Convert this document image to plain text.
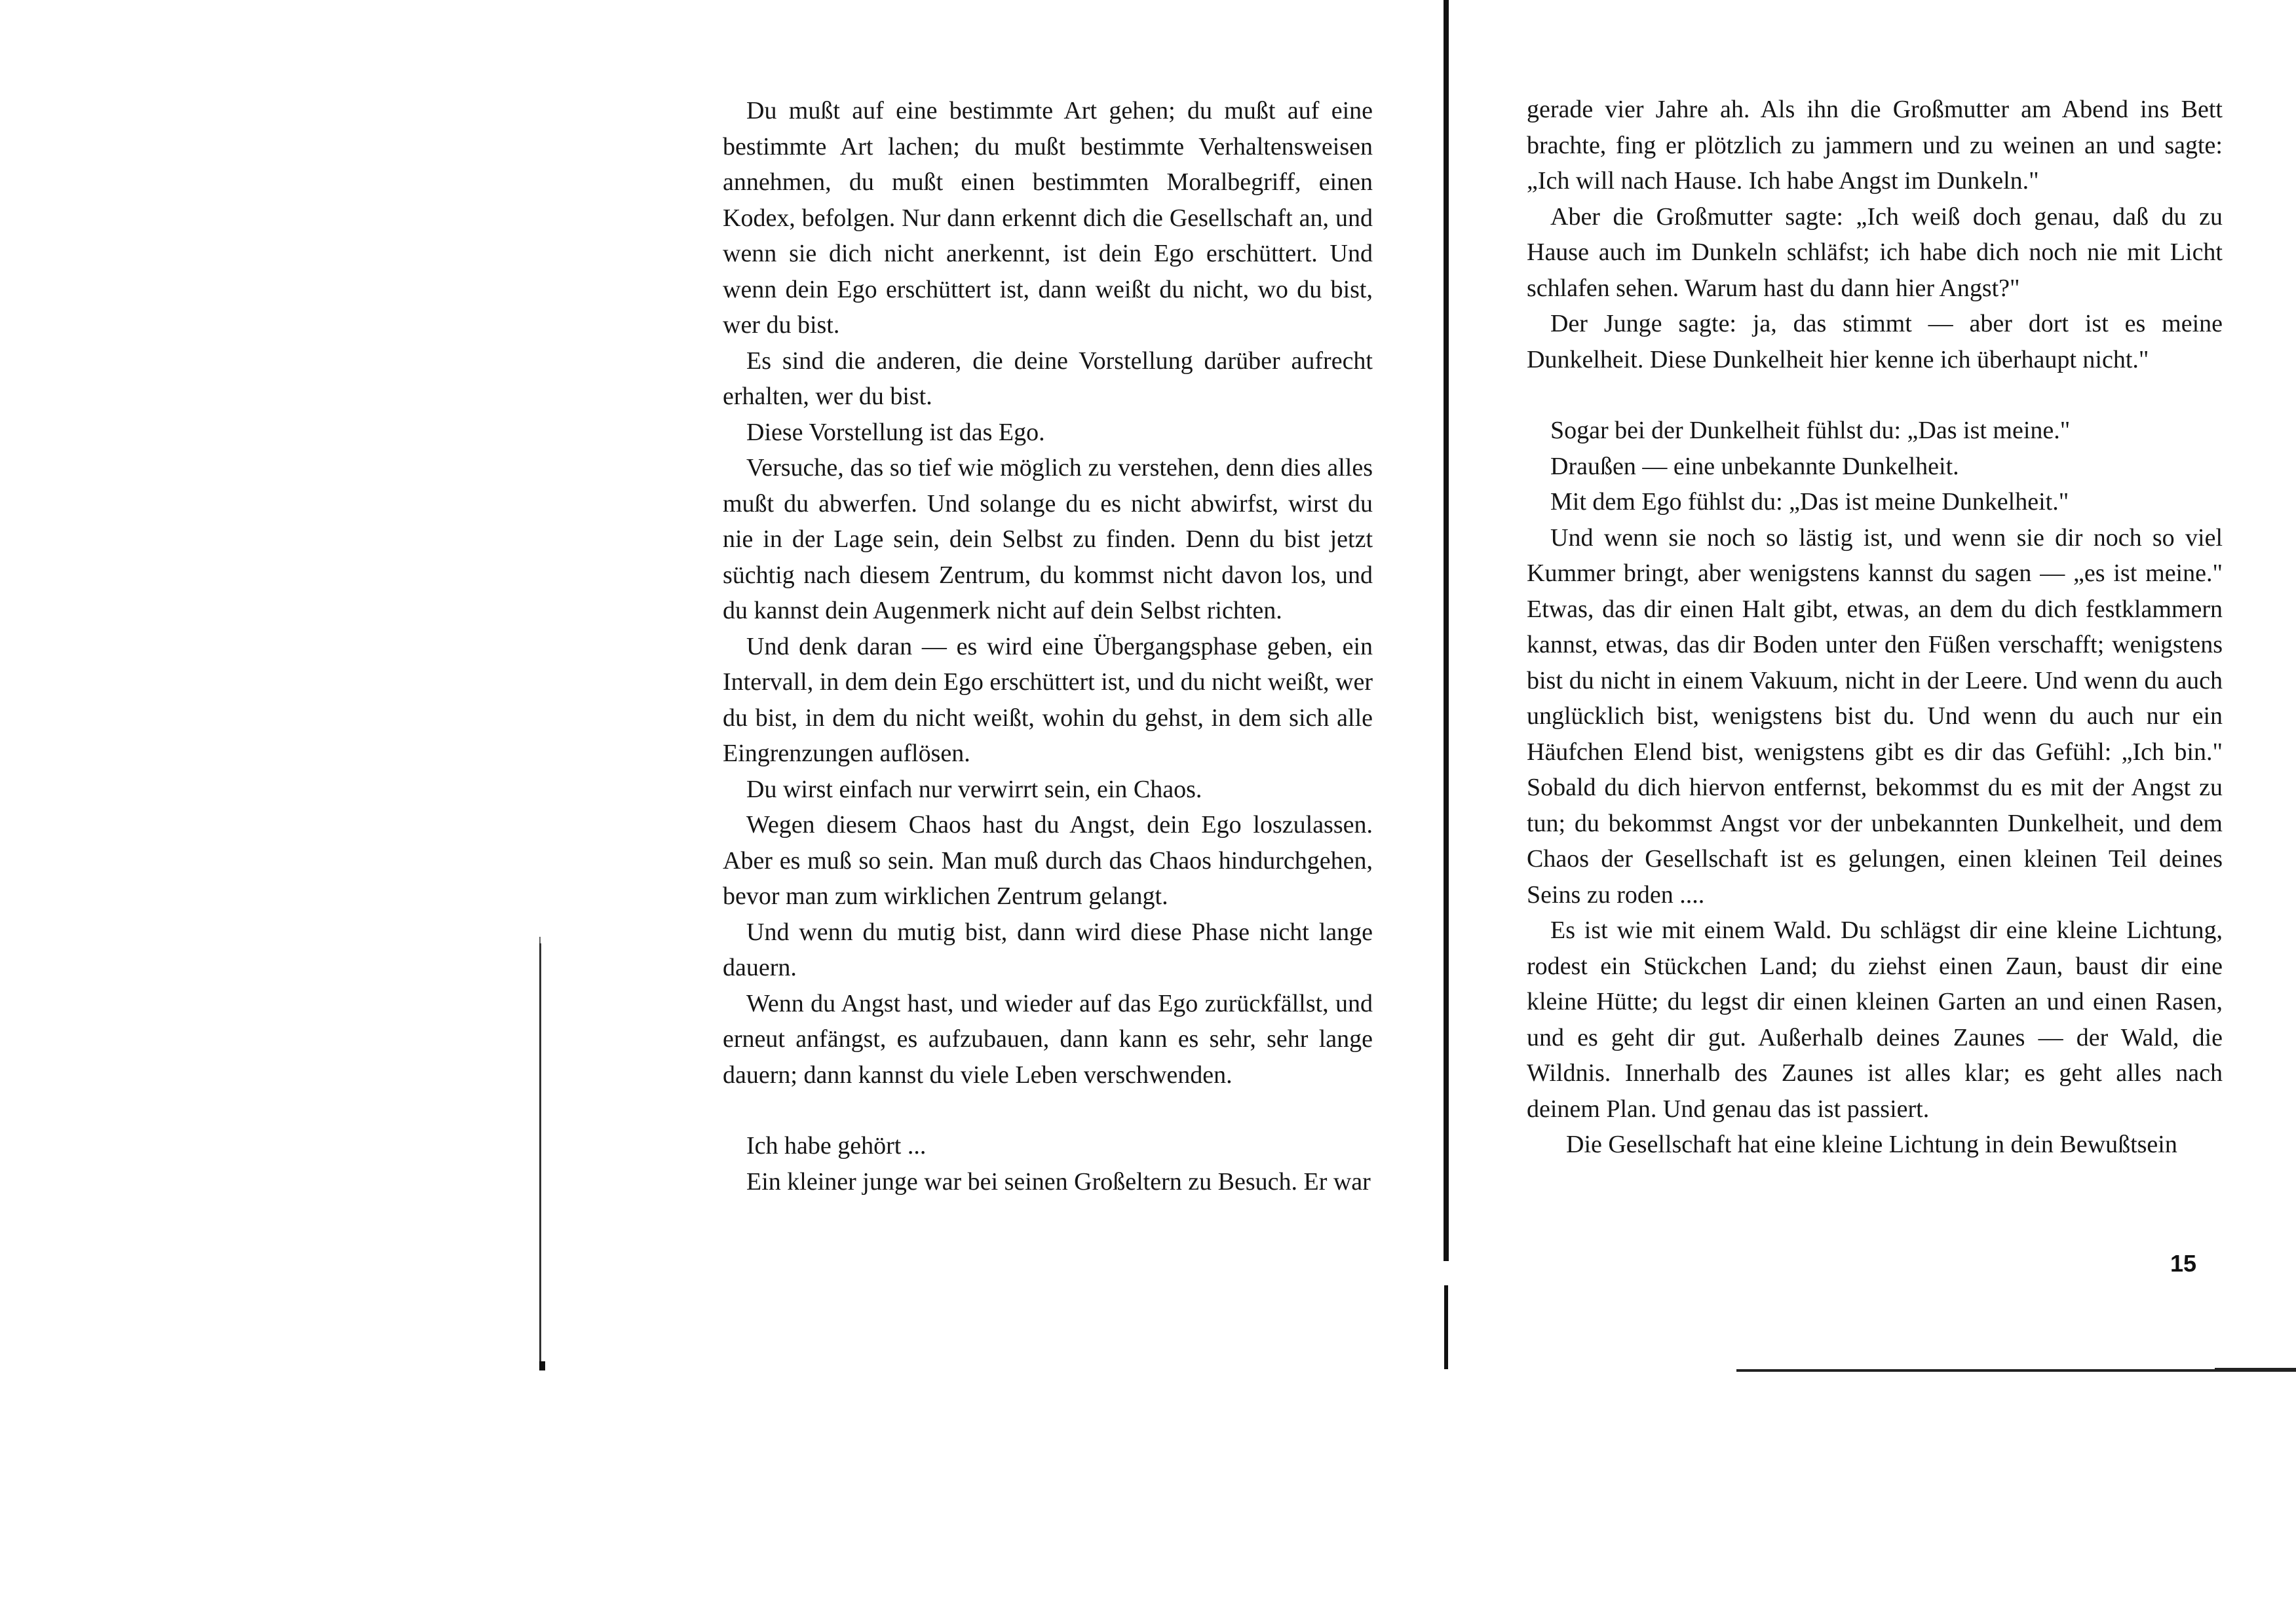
Du mußt auf eine bestimmte Art gehen; du mußt auf eine bestimmte Art lachen; du mußt bestimmte Verhaltensweisen annehmen, du mußt einen bestimmten Moralbegriff, einen Kodex, befolgen. Nur dann erkennt dich die Gesellschaft an, und wenn sie dich nicht anerkennt, ist dein Ego erschüttert. Und wenn dein Ego erschüttert ist, dann weißt du nicht, wo du bist, wer du bist.

Es sind die anderen, die deine Vorstellung darüber aufrecht erhalten, wer du bist.

Diese Vorstellung ist das Ego.

Versuche, das so tief wie möglich zu verstehen, denn dies alles mußt du abwerfen. Und solange du es nicht abwirfst, wirst du nie in der Lage sein, dein Selbst zu finden. Denn du bist jetzt süchtig nach diesem Zentrum, du kommst nicht davon los, und du kannst dein Augenmerk nicht auf dein Selbst richten.

Und denk daran — es wird eine Übergangsphase geben, ein Intervall, in dem dein Ego erschüttert ist, und du nicht weißt, wer du bist, in dem du nicht weißt, wohin du gehst, in dem sich alle Eingrenzungen auflösen.

Du wirst einfach nur verwirrt sein, ein Chaos.

Wegen diesem Chaos hast du Angst, dein Ego loszulassen. Aber es muß so sein. Man muß durch das Chaos hindurchgehen, bevor man zum wirklichen Zentrum gelangt.

Und wenn du mutig bist, dann wird diese Phase nicht lange dauern.

Wenn du Angst hast, und wieder auf das Ego zurückfällst, und erneut anfängst, es aufzubauen, dann kann es sehr, sehr lange dauern; dann kannst du viele Leben verschwenden.

Ich habe gehört ...

Ein kleiner junge war bei seinen Großeltern zu Besuch. Er war

gerade vier Jahre ah. Als ihn die Großmutter am Abend ins Bett brachte, fing er plötzlich zu jammern und zu weinen an und sagte: „Ich will nach Hause. Ich habe Angst im Dunkeln."

Aber die Großmutter sagte: „Ich weiß doch genau, daß du zu Hause auch im Dunkeln schläfst; ich habe dich noch nie mit Licht schlafen sehen. Warum hast du dann hier Angst?"

Der Junge sagte: ja, das stimmt — aber dort ist es meine Dunkelheit. Diese Dunkelheit hier kenne ich überhaupt nicht."

Sogar bei der Dunkelheit fühlst du: „Das ist meine."

Draußen — eine unbekannte Dunkelheit.

Mit dem Ego fühlst du: „Das ist meine Dunkelheit."

Und wenn sie noch so lästig ist, und wenn sie dir noch so viel Kummer bringt, aber wenigstens kannst du sagen — „es ist meine." Etwas, das dir einen Halt gibt, etwas, an dem du dich festklammern kannst, etwas, das dir Boden unter den Füßen verschafft; wenigstens bist du nicht in einem Vakuum, nicht in der Leere. Und wenn du auch unglücklich bist, wenigstens bist du. Und wenn du auch nur ein Häufchen Elend bist, wenigstens gibt es dir das Gefühl: „Ich bin." Sobald du dich hiervon entfernst, bekommst du es mit der Angst zu tun; du bekommst Angst vor der unbekannten Dunkelheit, und dem Chaos der Gesellschaft ist es gelungen, einen kleinen Teil deines Seins zu roden ....

Es ist wie mit einem Wald. Du schlägst dir eine kleine Lichtung, rodest ein Stückchen Land; du ziehst einen Zaun, baust dir eine kleine Hütte; du legst dir einen kleinen Garten an und einen Rasen, und es geht dir gut. Außerhalb deines Zaunes — der Wald, die Wildnis. Innerhalb des Zaunes ist alles klar; es geht alles nach deinem Plan. Und genau das ist passiert.

Die Gesellschaft hat eine kleine Lichtung in dein Bewußtsein

15
